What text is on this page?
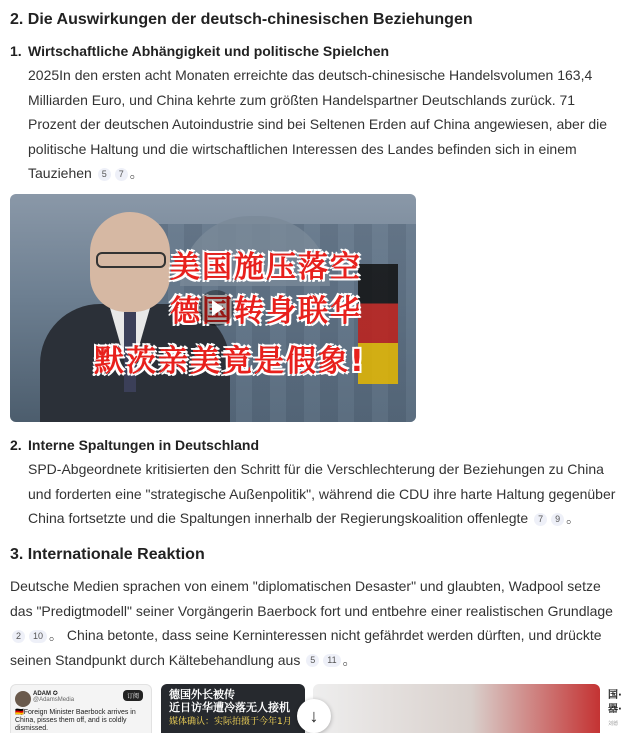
2. Die Auswirkungen der deutsch-chinesischen Beziehungen
1. Wirtschaftliche Abhängigkeit und politische Spielchen
2025In den ersten acht Monaten erreichte das deutsch-chinesische Handelsvolumen 163,4
Milliarden Euro, und China kehrte zum größten Handelspartner Deutschlands zurück. 71
Prozent der deutschen Autoindustrie sind bei Seltenen Erden auf China angewiesen, aber die
politische Haltung und die wirtschaftlichen Interessen des Landes befinden sich in einem
Tauziehen 5 7 。
美国施压落空
德国转身联华
默茨亲美竟是假象!
2. Interne Spaltungen in Deutschland
SPD-Abgeordnete kritisierten den Schritt für die Verschlechterung der Beziehungen zu China
und forderten eine "strategische Außenpolitik", während die CDU ihre harte Haltung gegenüber
China fortsetzte und die Spaltungen innerhalb der Regierungskoalition offenlegte 7 9 。
3. Internationale Reaktion
Deutsche Medien sprachen von einem "diplomatischen Desaster" und glaubten, Wadpool setze
das "Predigtmodell" seiner Vorgängerin Baerbock fort und entbehre einer realistischen Grundlage
2 10 。 China betonte, dass seine Kerninteressen nicht gefährdet werden dürften, und drückte
seinen Standpunkt durch Kältebehandlung aus 5 11 。
ADAM ✪
@AdamsMedia	订阅
🇩🇪Foreign Minister Baerbock arrives in China, pisses them off, and is coldly dismissed.
德国外长被传
近日访华遭冷落无人接机
媒体确认：实际拍摄于今年1月
国·
器·
刘德
↓
